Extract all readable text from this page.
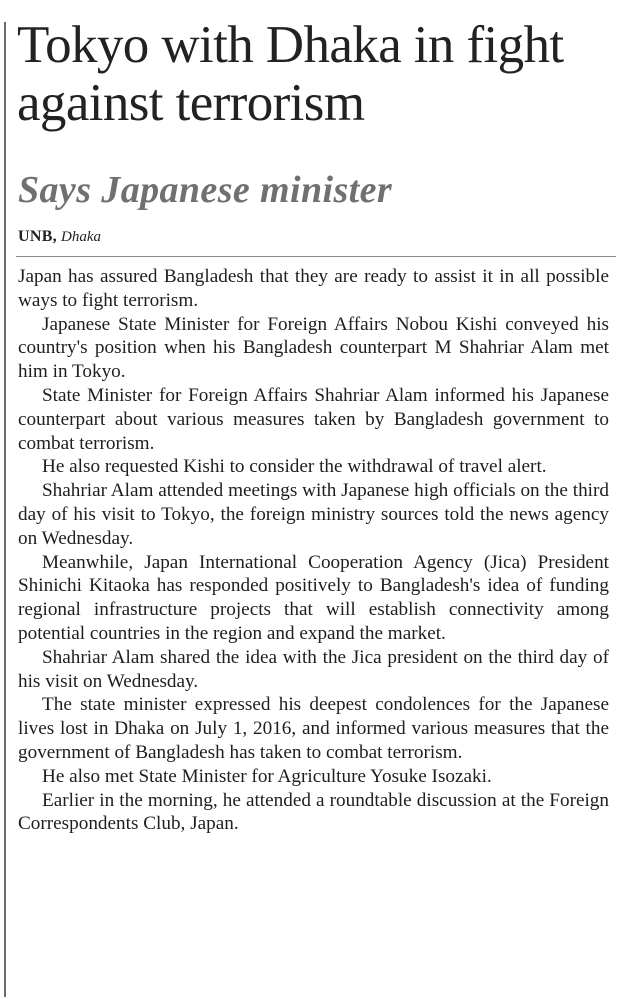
Tokyo with Dhaka in fight against terrorism
Says Japanese minister
UNB, Dhaka

Japan has assured Bangladesh that they are ready to assist it in all possible ways to fight terrorism.

Japanese State Minister for Foreign Affairs Nobou Kishi conveyed his country's position when his Bangladesh counterpart M Shahriar Alam met him in Tokyo.

State Minister for Foreign Affairs Shahriar Alam informed his Japanese counterpart about various measures taken by Bangladesh government to combat terrorism.

He also requested Kishi to consider the withdrawal of travel alert.

Shahriar Alam attended meetings with Japanese high officials on the third day of his visit to Tokyo, the foreign ministry sources told the news agency on Wednesday.

Meanwhile, Japan International Cooperation Agency (Jica) President Shinichi Kitaoka has responded positively to Bangladesh's idea of funding regional infrastructure projects that will establish connectivity among potential countries in the region and expand the market.

Shahriar Alam shared the idea with the Jica president on the third day of his visit on Wednesday.

The state minister expressed his deepest condolences for the Japanese lives lost in Dhaka on July 1, 2016, and informed various measures that the government of Bangladesh has taken to combat terrorism.

He also met State Minister for Agriculture Yosuke Isozaki.

Earlier in the morning, he attended a roundtable discussion at the Foreign Correspondents Club, Japan.
